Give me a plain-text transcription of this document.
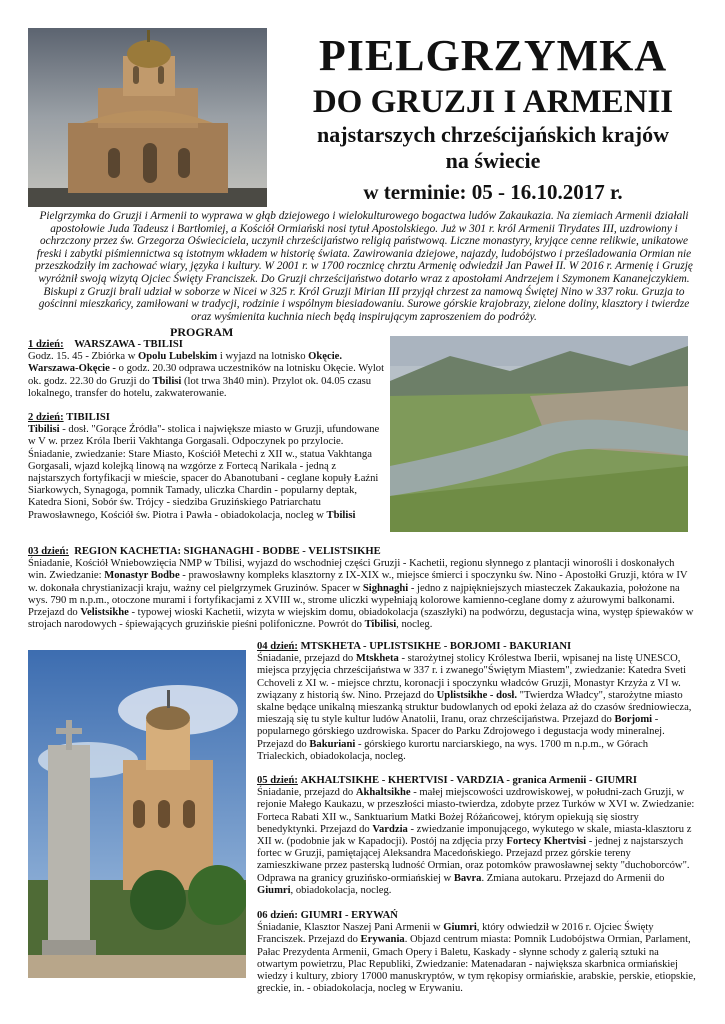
PIELGRZYMKA
DO GRUZJI I ARMENII
najstarszych chrześcijańskich krajów
na świecie
w terminie: 05 - 16.10.2017 r.
Pielgrzymka do Gruzji i Armenii to wyprawa w głąb dziejowego i wielokulturowego bogactwa ludów Zakaukazia. Na ziemiach Armenii działali apostołowie Juda Tadeusz i Bartłomiej, a Kościół Ormiański nosi tytuł Apostolskiego. Już w 301 r. król Armenii Tirydates III, uzdrowiony i ochrzczony przez św. Grzegorza Oświeciciela, uczynił chrześcijaństwo religią państwową. Liczne monastyry, kryjące cenne relikwie, unikatowe freski i zabytki piśmiennictwa są istotnym wkładem w historię świata. Zawirowania dziejowe, najazdy, ludobójstwo i prześladowania Ormian nie przeszkodziły im zachować wiary, języka i kultury. W 2001 r. w 1700 rocznicę chrztu Armenię odwiedził Jan Paweł II. W 2016 r. Armenię i Gruzję wyróżnił swoją wizytą Ojciec Święty Franciszek. Do Gruzji chrześcijaństwo dotarło wraz z apostołami Andrzejem i Szymonem Kananejczykiem. Biskupi z Gruzji brali udział w soborze w Nicei w 325 r. Król Gruzji Mirian III przyjął chrzest za namową Świętej Nino w 337 roku. Gruzja to gościnni mieszkańcy, zamiłowani w tradycji, rodzinie i wspólnym biesiadowaniu. Surowe górskie krajobrazy, zielone doliny, klasztory i twierdze oraz wyśmienita kuchnia niech będą inspirującym zaproszeniem do podróży.
PROGRAM

1 dzień: WARSZAWA - TBILISI

Godz. 15. 45 - Zbiórka w Opolu Lubelskim i wyjazd na lotnisko Okęcie.
Warszawa-Okęcie - o godz. 20.30 odprawa uczestników na lotnisku Okęcie. Wylot ok. godz. 22.30 do Gruzji do Tbilisi (lot trwa 3h40 min). Przylot ok. 04.05 czasu lokalnego, transfer do hotelu, zakwaterowanie.

2 dzień: TIBILISI

Tibilisi - dosł. "Gorące Źródła"- stolica i największe miasto w Gruzji, ufundowane w V w. przez Króla Iberii Vakhtanga Gorgasali. Odpoczynek po przylocie. Śniadanie, zwiedzanie: Stare Miasto, Kościół Metechi z XII w., statua Vakhtanga Gorgasali, wjazd kolejką linową na wzgórze z Fortecą Narikala - jedną z najstarszych fortyfikacji w mieście, spacer do Abanotubani - ceglane kopuły Łaźni Siarkowych, Synagoga, pomnik Tamady, uliczka Chardin - popularny deptak, Katedra Sioni, Sobór św. Trójcy - siedziba Gruzińskiego Patriarchatu Prawosławnego, Kościół św. Piotra i Pawła - obiadokolacja, nocleg w Tbilisi

03 dzień: REGION KACHETIA: SIGHANAGHI - BODBE - VELISTSIKHE

Śniadanie, Kościół Wniebowzięcia NMP w Tbilisi, wyjazd do wschodniej części Gruzji - Kachetii, regionu słynnego z plantacji winorośli i doskonałych win. Zwiedzanie: Monastyr Bodbe - prawosławny kompleks klasztorny z IX-XIX w., miejsce śmierci i spoczynku św. Nino - Apostołki Gruzji, która w IV w. dokonała chrystianizacji kraju, ważny cel pielgrzymek Gruzinów. Spacer w Sighnaghi - jedno z najpiękniejszych miasteczek Zakaukazia, położone na wys. 790 m n.p.m., otoczone murami i fortyfikacjami z XVIII w., strome uliczki wypełniają kolorowe kamienno-ceglane domy z ażurowymi balkonami. Przejazd do Velistsikhe - typowej wioski Kachetii, wizyta w wiejskim domu, obiadokolacja (szaszłyki) na podwórzu, degustacja wina, występ śpiewaków w strojach narodowych - śpiewających gruzińskie pieśni polifoniczne. Powrót do Tibilisi, nocleg.

04 dzień: MTSKHETA - UPLISTSIKHE - BORJOMI - BAKURIANI

Śniadanie, przejazd do Mtskheta - starożytnej stolicy Królestwa Iberii, wpisanej na listę UNESCO, miejsca przyjęcia chrześcijaństwa w 337 r. i zwanego"Świętym Miastem", zwiedzanie: Katedra Sveti Cchoveli z XI w. - miejsce chrztu, koronacji i spoczynku władców Gruzji, Monastyr Krzyża z VI w. związany z historią św. Nino. Przejazd do Uplistsikhe - dosł. "Twierdza Władcy", starożytne miasto skalne będące unikalną mieszanką struktur budowlanych od epoki żelaza aż do czasów średniowiecza, mieszają się tu style kultur ludów Anatolii, Iranu, oraz chrześcijaństwa. Przejazd do Borjomi - popularnego górskiego uzdrowiska. Spacer do Parku Zdrojowego i degustacja wody mineralnej. Przejazd do Bakuriani - górskiego kurortu narciarskiego, na wys. 1700 m n.p.m., w Górach Trialeckich, obiadokolacja, nocleg.

05 dzień: AKHALTSIKHE - KHERTVISI - VARDZIA - granica Armenii - GIUMRI

Śniadanie, przejazd do Akhaltsikhe - małej miejscowości uzdrowiskowej, w południ-zach Gruzji, w rejonie Małego Kaukazu, w przeszłości miasto-twierdza, zdobyte przez Turków w XVI w. Zwiedzanie: Forteca Rabati XII w., Sanktuarium Matki Bożej Różańcowej, którym opiekują się siostry benedyktynki. Przejazd do Vardzia - zwiedzanie imponującego, wykutego w skale, miasta-klasztoru z XII w. (podobnie jak w Kapadocji). Postój na zdjęcia przy Fortecy Khertvisi - jednej z najstarszych fortec w Gruzji, pamiętającej Aleksandra Macedońskiego. Przejazd przez górskie tereny zamieszkiwane przez pasterską ludność Ormian, oraz potomków prawosławnej sekty "duchoborców". Odprawa na granicy gruzińsko-ormiańskiej w Bavra. Zmiana autokaru. Przejazd do Armenii do Giumri, obiadokolacja, nocleg.

06 dzień: GIUMRI - ERYWAŃ

Śniadanie, Klasztor Naszej Pani Armenii w Giumri, który odwiedził w 2016 r. Ojciec Święty Franciszek. Przejazd do Erywania. Objazd centrum miasta: Pomnik Ludobójstwa Ormian, Parlament, Pałac Prezydenta Armenii, Gmach Opery i Baletu, Kaskady - słynne schody z galerią sztuki na otwartym powietrzu, Plac Republiki, Zwiedzanie: Matenadaran - największa skarbnica ormiańskiej wiedzy i kultury, zbiory 17000 manuskryptów, w tym rękopisy ormiańskie, arabskie, perskie, etiopskie, greckie, in. - obiadokolacja, nocleg w Erywaniu.
